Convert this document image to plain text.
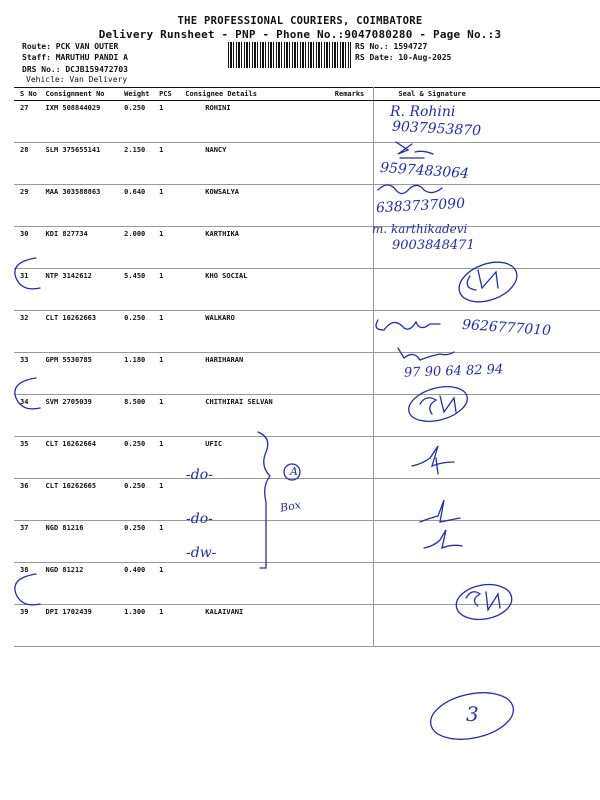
THE PROFESSIONAL COURIERS, COIMBATORE
Delivery Runsheet - PNP - Phone No.:9047080280 - Page No.:3
Route: PCK VAN OUTER
Staff: MARUTHU PANDI A
DRS No.: DCJB159472703
Vehicle: Van Delivery
RS No.: 1594727
RS Date: 10-Aug-2025
S No	Consignment No	Weight	PCS	Consignee Details	Remarks	Seal & Signature
27	IXM 508844029	0.250	1	ROHINI		
28	SLM 375655141	2.150	1	NANCY		
29	MAA 303588863	0.640	1	KOWSALYA		
30	KDI 827734	2.000	1	KARTHIKA		
31	NTP 3142612	5.450	1	KHO SOCIAL		
32	CLT 16262663	0.250	1	WALKARO		
33	GPM 5530785	1.180	1	HARIHARAN		
34	SVM 2705039	8.500	1	CHITHIRAI SELVAN		
35	CLT 16262664	0.250	1	UFIC		
36	CLT 16262665	0.250	1			
37	NGD 81216	0.250	1			
38	NGD 81212	0.400	1			
39	DPI 1702439	1.300	1	KALAIVANI		
R. Rohini
9037953870
9597483064
6383737090
m. karthikadevi
9003848471
9626777010
97 90 64 82 94
-do-
-do-
-dw-
Box
A
3
